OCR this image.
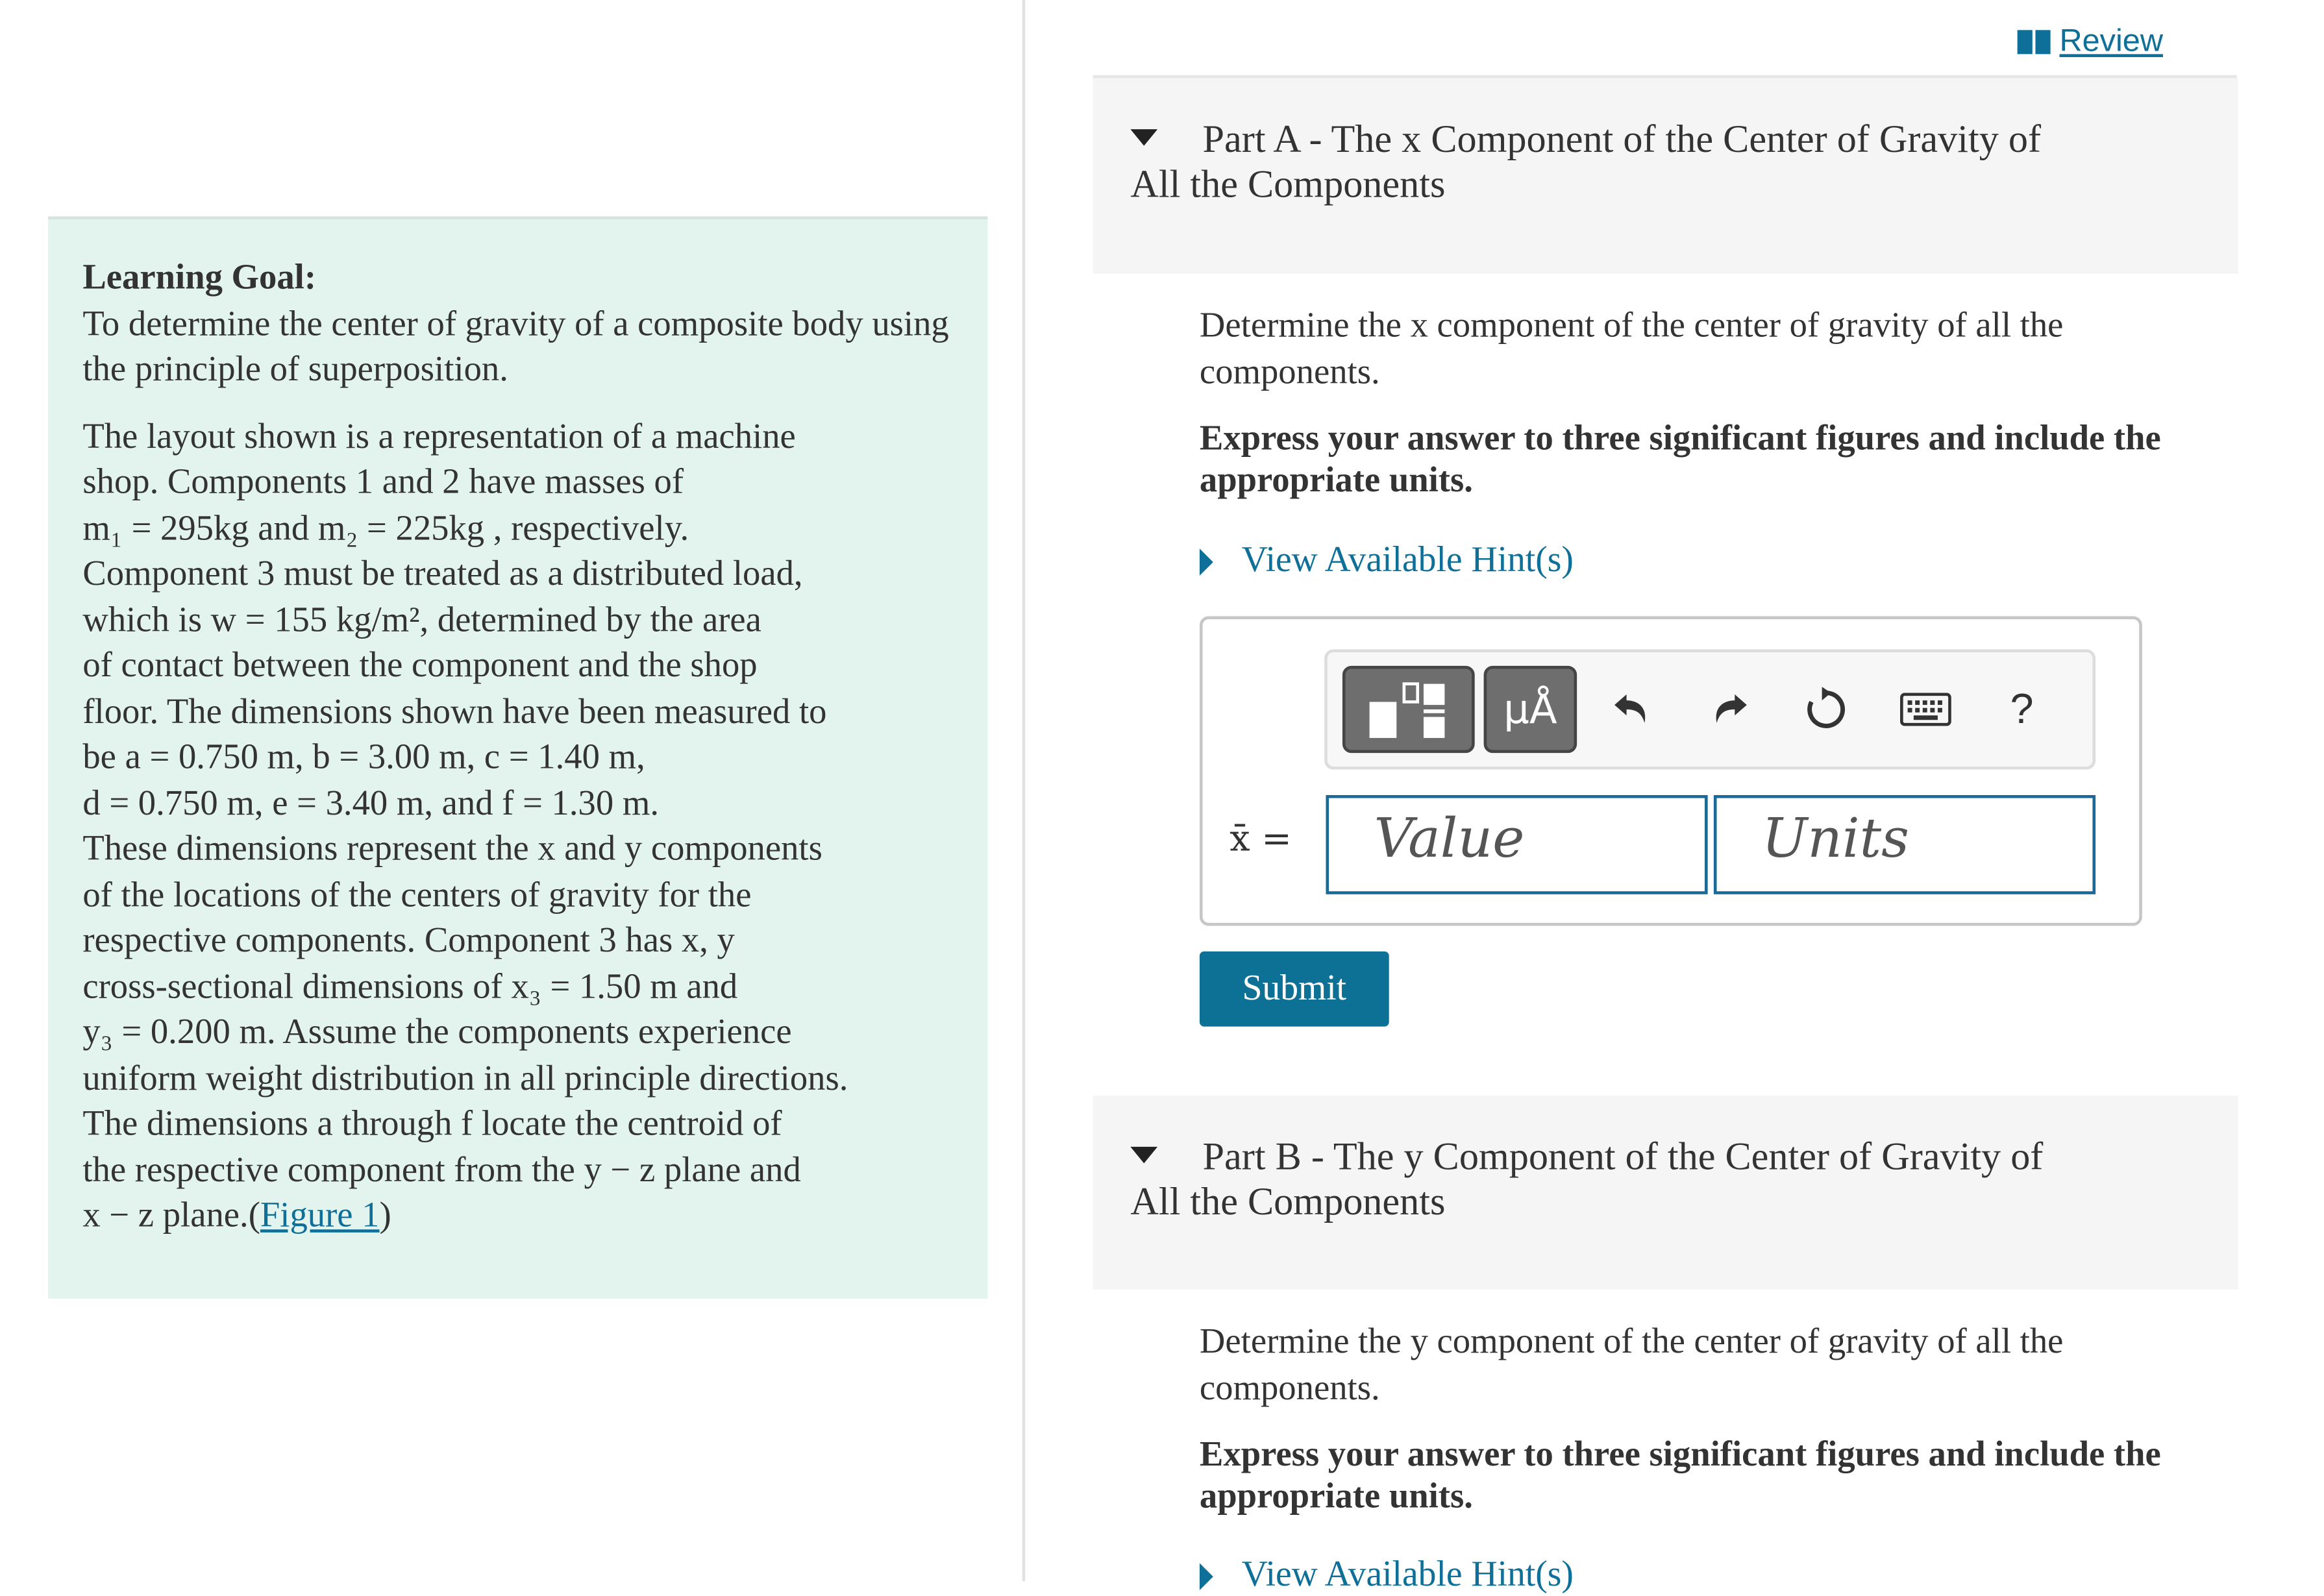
Learning Goal:

To determine the center of gravity of a composite body using the principle of superposition.

The layout shown is a representation of a machine
shop. Components 1 and 2 have masses of
m₁ = 295kg and m₂ = 225kg , respectively.
Component 3 must be treated as a distributed load,
which is w = 155 kg/m², determined by the area
of contact between the component and the shop
floor. The dimensions shown have been measured to
be a = 0.750 m, b = 3.00 m, c = 1.40 m,
d = 0.750 m, e = 3.40 m, and f = 1.30 m.
These dimensions represent the x and y components
of the locations of the centers of gravity for the
respective components. Component 3 has x, y
cross-sectional dimensions of x₃ = 1.50 m and
y₃ = 0.200 m. Assume the components experience
uniform weight distribution in all principle directions.
The dimensions a through f locate the centroid of
the respective component from the y − z plane and
x − z plane.(Figure 1)
Review
Part A - The x Component of the Center of Gravity of
All the Components
Determine the x component of the center of gravity of all the components.
Express your answer to three significant figures and include the appropriate units.
View Available Hint(s)
μÅ	?
x̄ =	Value	Units
Submit
Part B - The y Component of the Center of Gravity of
All the Components
Determine the y component of the center of gravity of all the components.
Express your answer to three significant figures and include the appropriate units.
View Available Hint(s)
